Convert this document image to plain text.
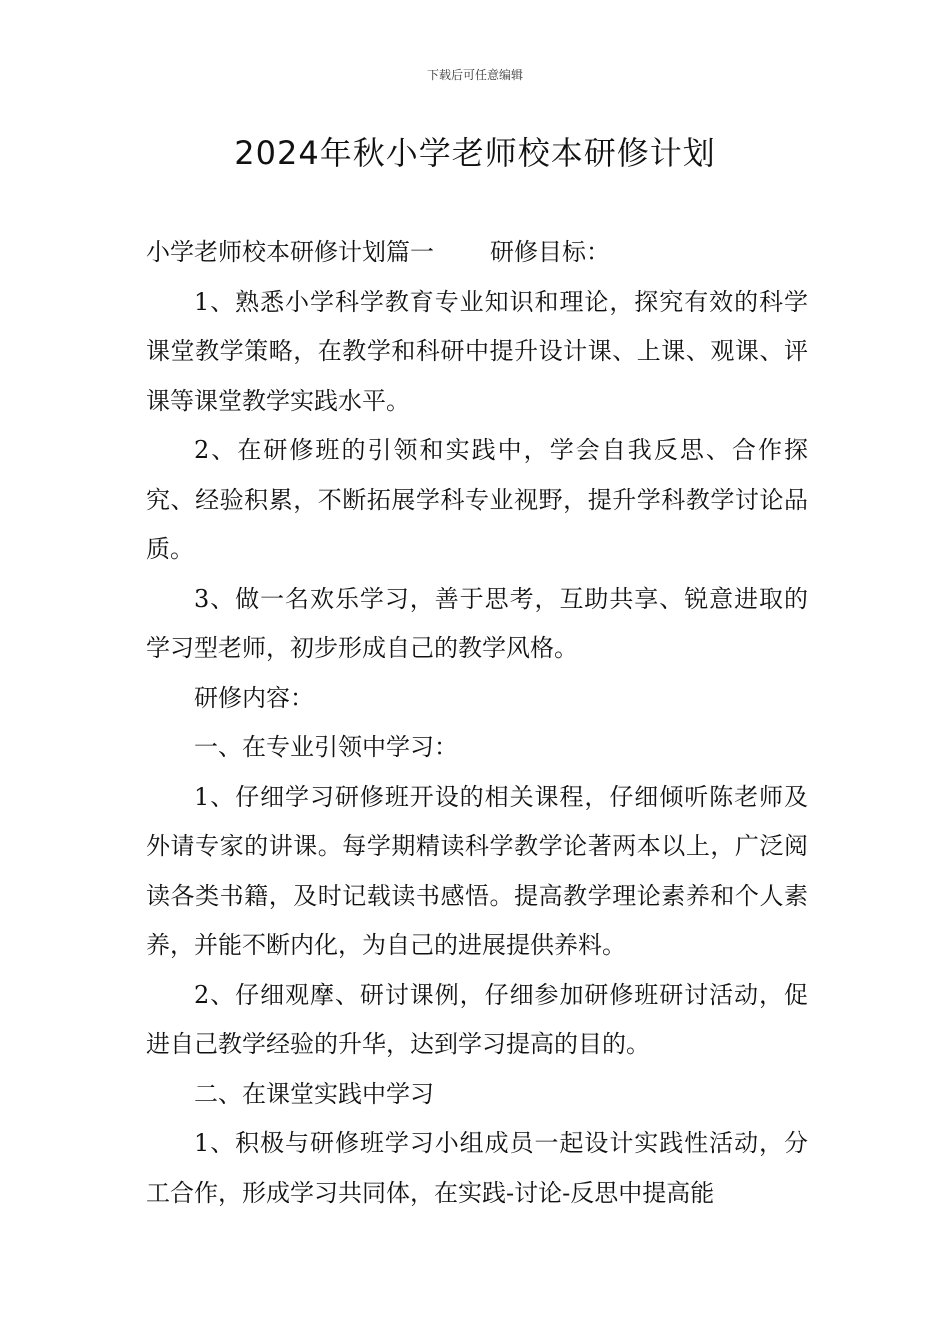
下载后可任意编辑
2024年秋小学老师校本研修计划

小学老师校本研修计划篇一 研修目标：

1、熟悉小学科学教育专业知识和理论，探究有效的科学课堂教学策略，在教学和科研中提升设计课、上课、观课、评课等课堂教学实践水平。

2、在研修班的引领和实践中，学会自我反思、合作探究、经验积累，不断拓展学科专业视野，提升学科教学讨论品质。

3、做一名欢乐学习，善于思考，互助共享、锐意进取的学习型老师，初步形成自己的教学风格。

研修内容：

一、在专业引领中学习：

1、仔细学习研修班开设的相关课程，仔细倾听陈老师及外请专家的讲课。每学期精读科学教学论著两本以上，广泛阅读各类书籍，及时记载读书感悟。提高教学理论素养和个人素养，并能不断内化，为自己的进展提供养料。

2、仔细观摩、研讨课例，仔细参加研修班研讨活动，促进自己教学经验的升华，达到学习提高的目的。

二、在课堂实践中学习

1、积极与研修班学习小组成员一起设计实践性活动，分工合作，形成学习共同体，在实践-讨论-反思中提高能
